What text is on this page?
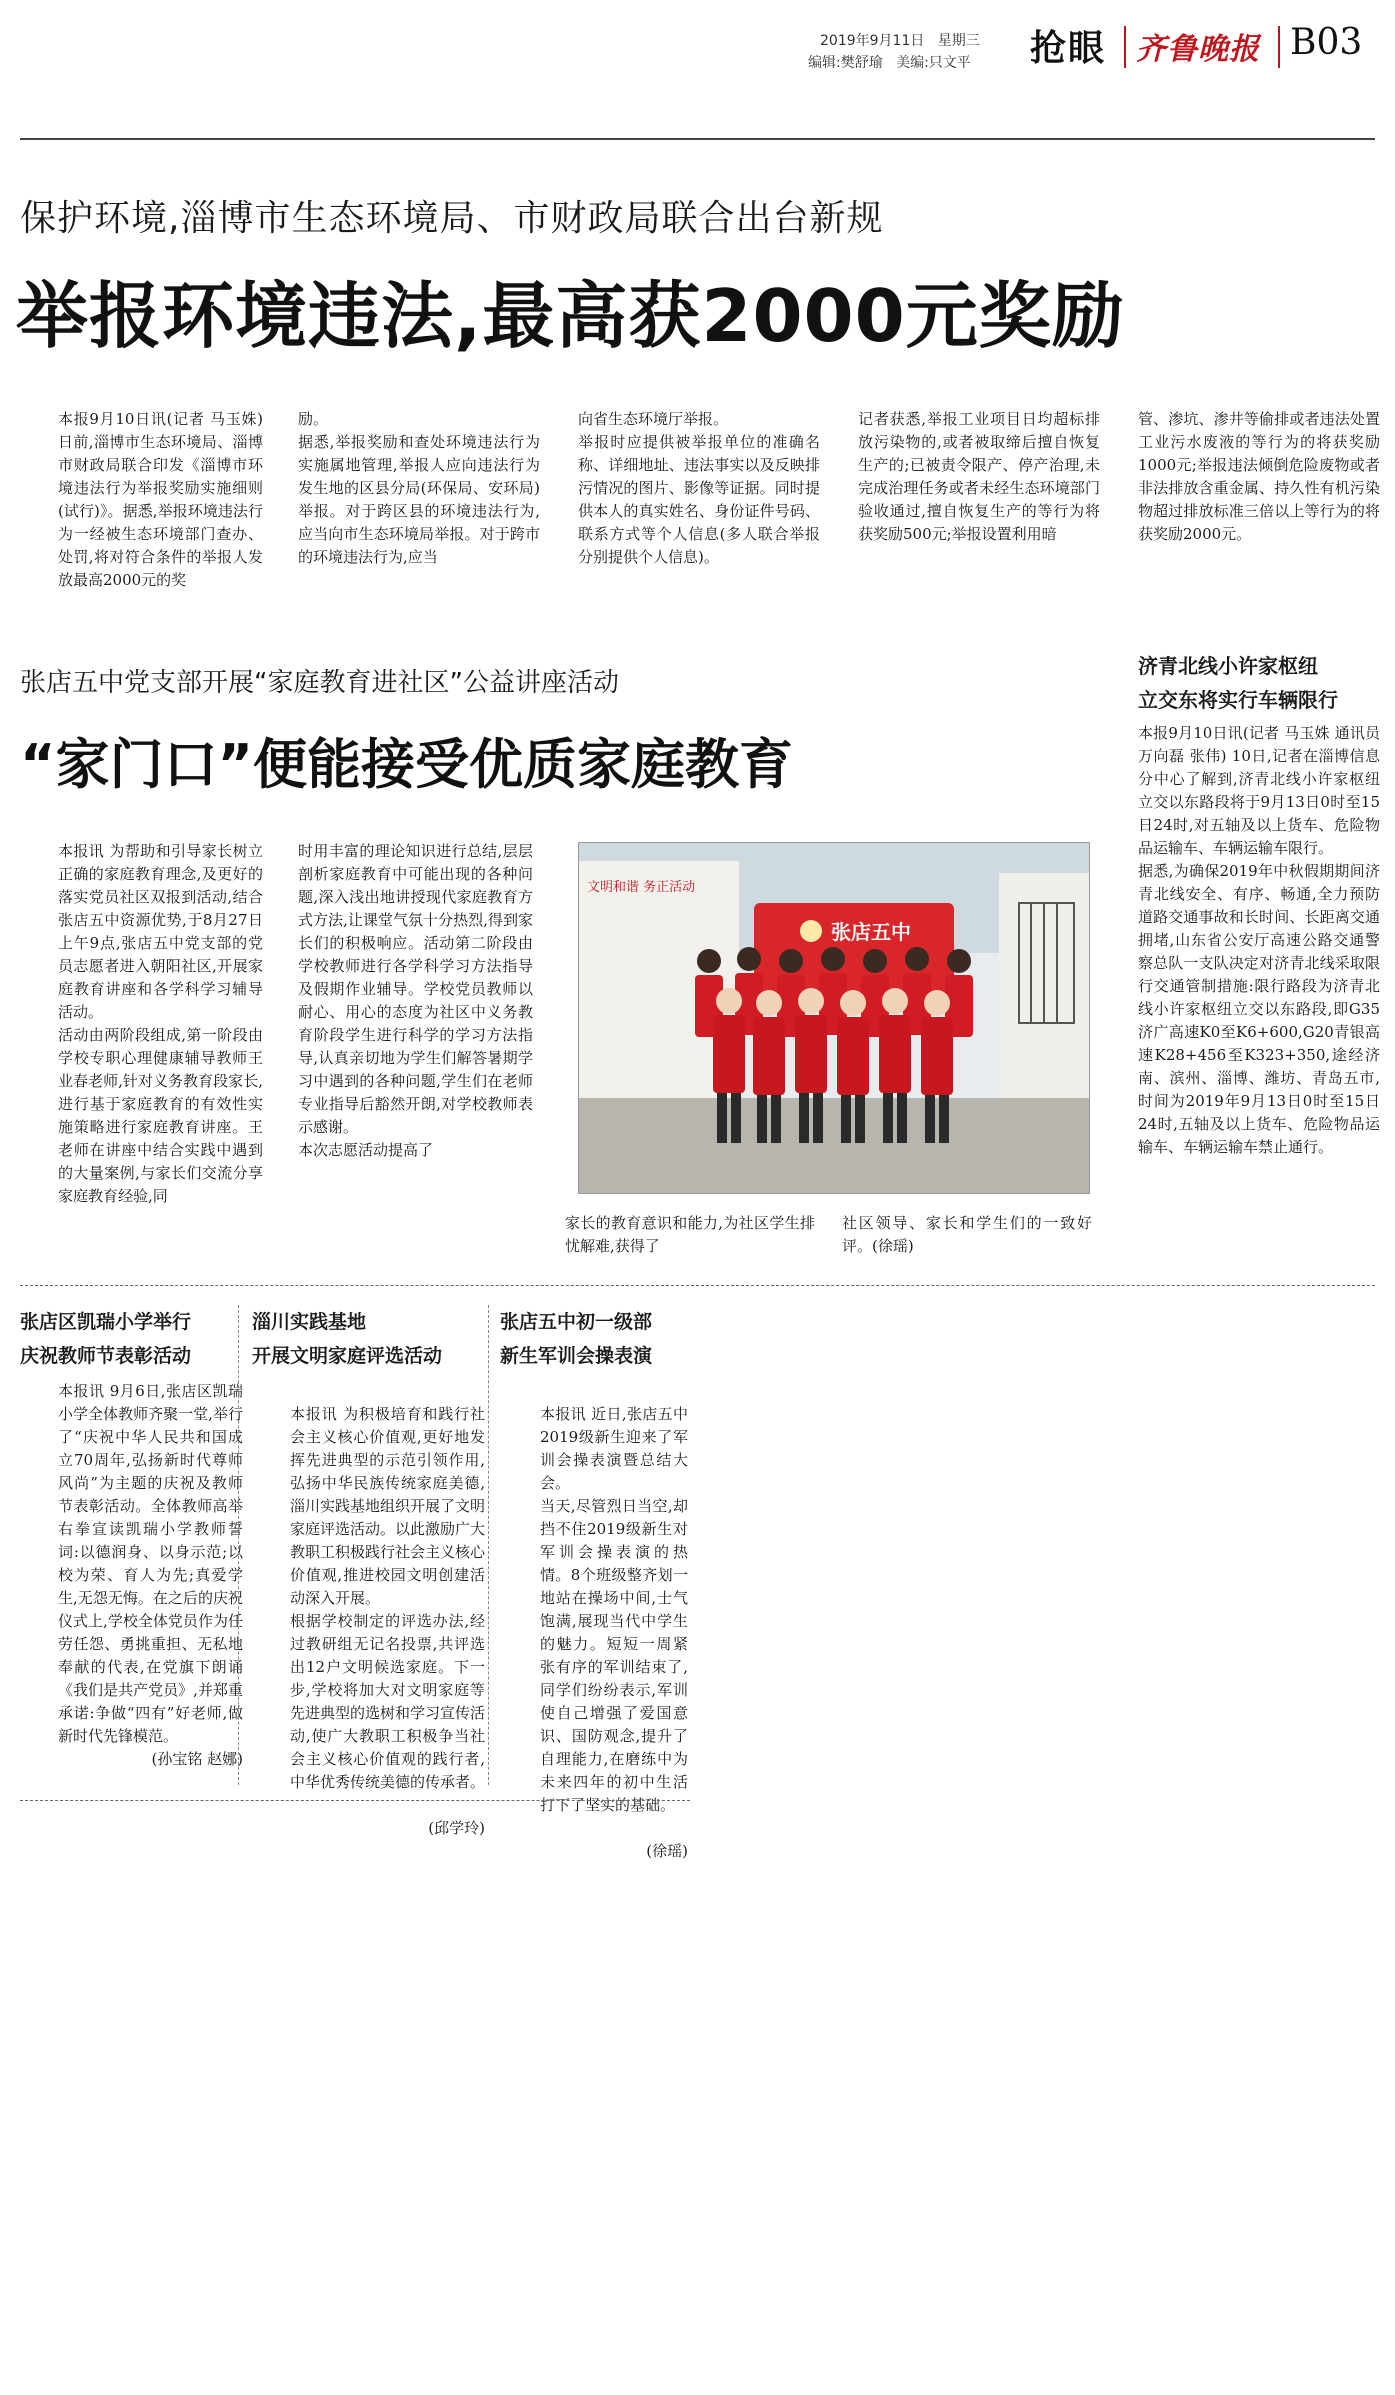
2019年9月11日 星期三
编辑:樊舒瑜 美编:只文平 抢眼 齐鲁晚报 B03
保护环境,淄博市生态环境局、市财政局联合出台新规
举报环境违法,最高获2000元奖励

本报9月10日讯(记者 马玉姝) 日前,淄博市生态环境局、淄博市财政局联合印发《淄博市环境违法行为举报奖励实施细则(试行)》。据悉,举报环境违法行为一经被生态环境部门查办、处罚,将对符合条件的举报人发放最高2000元的奖

励。
据悉,举报奖励和查处环境违法行为实施属地管理,举报人应向违法行为发生地的区县分局(环保局、安环局)举报。对于跨区县的环境违法行为,应当向市生态环境局举报。对于跨市的环境违法行为,应当

向省生态环境厅举报。
举报时应提供被举报单位的准确名称、详细地址、违法事实以及反映排污情况的图片、影像等证据。同时提供本人的真实姓名、身份证件号码、联系方式等个人信息(多人联合举报分别提供个人信息)。

记者获悉,举报工业项目日均超标排放污染物的,或者被取缔后擅自恢复生产的;已被责令限产、停产治理,未完成治理任务或者未经生态环境部门验收通过,擅自恢复生产的等行为将获奖励500元;举报设置利用暗

管、渗坑、渗井等偷排或者违法处置工业污水废液的等行为的将获奖励1000元;举报违法倾倒危险废物或者非法排放含重金属、持久性有机污染物超过排放标准三倍以上等行为的将获奖励2000元。

张店五中党支部开展“家庭教育进社区”公益讲座活动
“家门口”便能接受优质家庭教育

本报讯 为帮助和引导家长树立正确的家庭教育理念,及更好的落实党员社区双报到活动,结合张店五中资源优势,于8月27日上午9点,张店五中党支部的党员志愿者进入朝阳社区,开展家庭教育讲座和各学科学习辅导活动。
活动由两阶段组成,第一阶段由学校专职心理健康辅导教师王业春老师,针对义务教育段家长,进行基于家庭教育的有效性实施策略进行家庭教育讲座。王老师在讲座中结合实践中遇到的大量案例,与家长们交流分享家庭教育经验,同

时用丰富的理论知识进行总结,层层剖析家庭教育中可能出现的各种问题,深入浅出地讲授现代家庭教育方式方法,让课堂气氛十分热烈,得到家长们的积极响应。活动第二阶段由学校教师进行各学科学习方法指导及假期作业辅导。学校党员教师以耐心、用心的态度为社区中义务教育阶段学生进行科学的学习方法指导,认真亲切地为学生们解答暑期学习中遇到的各种问题,学生们在老师专业指导后豁然开朗,对学校教师表示感谢。
本次志愿活动提高了

张店五中
文明和谐 务正活动

家长的教育意识和能力,为社区学生排忧解难,获得了

社区领导、家长和学生们的一致好评。(徐瑶)

济青北线小许家枢纽
立交东将实行车辆限行

本报9月10日讯(记者 马玉姝 通讯员 万向磊 张伟) 10日,记者在淄博信息分中心了解到,济青北线小许家枢纽立交以东路段将于9月13日0时至15日24时,对五轴及以上货车、危险物品运输车、车辆运输车限行。
据悉,为确保2019年中秋假期期间济青北线安全、有序、畅通,全力预防道路交通事故和长时间、长距离交通拥堵,山东省公安厅高速公路交通警察总队一支队决定对济青北线采取限行交通管制措施:限行路段为济青北线小许家枢纽立交以东路段,即G35济广高速K0至K6+600,G20青银高速K28+456至K323+350,途经济南、滨州、淄博、潍坊、青岛五市,时间为2019年9月13日0时至15日24时,五轴及以上货车、危险物品运输车、车辆运输车禁止通行。

张店区凯瑞小学举行
庆祝教师节表彰活动

本报讯 9月6日,张店区凯瑞小学全体教师齐聚一堂,举行了“庆祝中华人民共和国成立70周年,弘扬新时代尊师风尚”为主题的庆祝及教师节表彰活动。全体教师高举右拳宣读凯瑞小学教师誓词:以德润身、以身示范;以校为荣、育人为先;真爱学生,无怨无悔。在之后的庆祝仪式上,学校全体党员作为任劳任怨、勇挑重担、无私地奉献的代表,在党旗下朗诵《我们是共产党员》,并郑重承诺:争做“四有”好老师,做新时代先锋模范。

(孙宝铭 赵娜)

淄川实践基地
开展文明家庭评选活动

本报讯 为积极培育和践行社会主义核心价值观,更好地发挥先进典型的示范引领作用,弘扬中华民族传统家庭美德,淄川实践基地组织开展了文明家庭评选活动。以此激励广大教职工积极践行社会主义核心价值观,推进校园文明创建活动深入开展。
根据学校制定的评选办法,经过教研组无记名投票,共评选出12户文明候选家庭。下一步,学校将加大对文明家庭等先进典型的选树和学习宣传活动,使广大教职工积极争当社会主义核心价值观的践行者,中华优秀传统美德的传承者。

(邱学玲)

张店五中初一级部
新生军训会操表演

本报讯 近日,张店五中2019级新生迎来了军训会操表演暨总结大会。
当天,尽管烈日当空,却挡不住2019级新生对军训会操表演的热情。8个班级整齐划一地站在操场中间,士气饱满,展现当代中学生的魅力。短短一周紧张有序的军训结束了,同学们纷纷表示,军训使自己增强了爱国意识、国防观念,提升了自理能力,在磨练中为未来四年的初中生活打下了坚实的基础。

(徐瑶)
